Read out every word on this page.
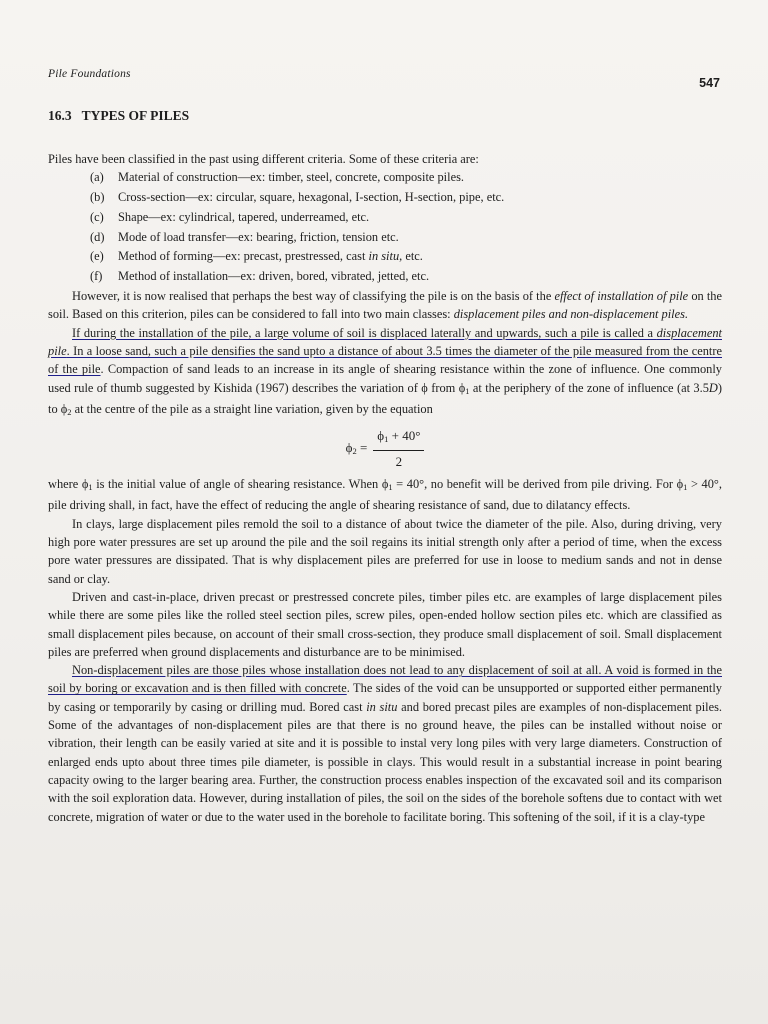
Pile Foundations
547
16.3 TYPES OF PILES

Piles have been classified in the past using different criteria. Some of these criteria are:

(a) Material of construction—ex: timber, steel, concrete, composite piles.
(b) Cross-section—ex: circular, square, hexagonal, I-section, H-section, pipe, etc.
(c) Shape—ex: cylindrical, tapered, underreamed, etc.
(d) Mode of load transfer—ex: bearing, friction, tension etc.
(e) Method of forming—ex: precast, prestressed, cast in situ, etc.
(f) Method of installation—ex: driven, bored, vibrated, jetted, etc.

However, it is now realised that perhaps the best way of classifying the pile is on the basis of the effect of installation of pile on the soil. Based on this criterion, piles can be considered to fall into two main classes: displacement piles and non-displacement piles.

If during the installation of the pile, a large volume of soil is displaced laterally and upwards, such a pile is called a displacement pile. In a loose sand, such a pile densifies the sand upto a distance of about 3.5 times the diameter of the pile measured from the centre of the pile. Compaction of sand leads to an increase in its angle of shearing resistance within the zone of influence. One commonly used rule of thumb suggested by Kishida (1967) describes the variation of ϕ from $\phi_1$ at the periphery of the zone of influence (at 3.5D) to $\phi_2$ at the centre of the pile as a straight line variation, given by the equation

$\phi_2 = \frac{\phi_1 + 40^\circ}{2}$

where $\phi_1$ is the initial value of angle of shearing resistance. When $\phi_1 = 40^\circ$, no benefit will be derived from pile driving. For $\phi_1 > 40^\circ$, pile driving shall, in fact, have the effect of reducing the angle of shearing resistance of sand, due to dilatancy effects.

In clays, large displacement piles remold the soil to a distance of about twice the diameter of the pile. Also, during driving, very high pore water pressures are set up around the pile and the soil regains its initial strength only after a period of time, when the excess pore water pressures are dissipated. That is why displacement piles are preferred for use in loose to medium sands and not in dense sand or clay.

Driven and cast-in-place, driven precast or prestressed concrete piles, timber piles etc. are examples of large displacement piles while there are some piles like the rolled steel section piles, screw piles, open-ended hollow section piles etc. which are classified as small displacement piles because, on account of their small cross-section, they produce small displacement of soil. Small displacement piles are preferred when ground displacements and disturbance are to be minimised.

Non-displacement piles are those piles whose installation does not lead to any displacement of soil at all. A void is formed in the soil by boring or excavation and is then filled with concrete. The sides of the void can be unsupported or supported either permanently by casing or temporarily by casing or drilling mud. Bored cast in situ and bored precast piles are examples of non-displacement piles. Some of the advantages of non-displacement piles are that there is no ground heave, the piles can be installed without noise or vibration, their length can be easily varied at site and it is possible to instal very long piles with very large diameters. Construction of enlarged ends upto about three times pile diameter, is possible in clays. This would result in a substantial increase in point bearing capacity owing to the larger bearing area. Further, the construction process enables inspection of the excavated soil and its comparison with the soil exploration data. However, during installation of piles, the soil on the sides of the borehole softens due to contact with wet concrete, migration of water or due to the water used in the borehole to facilitate boring. This softening of the soil, if it is a clay-type
